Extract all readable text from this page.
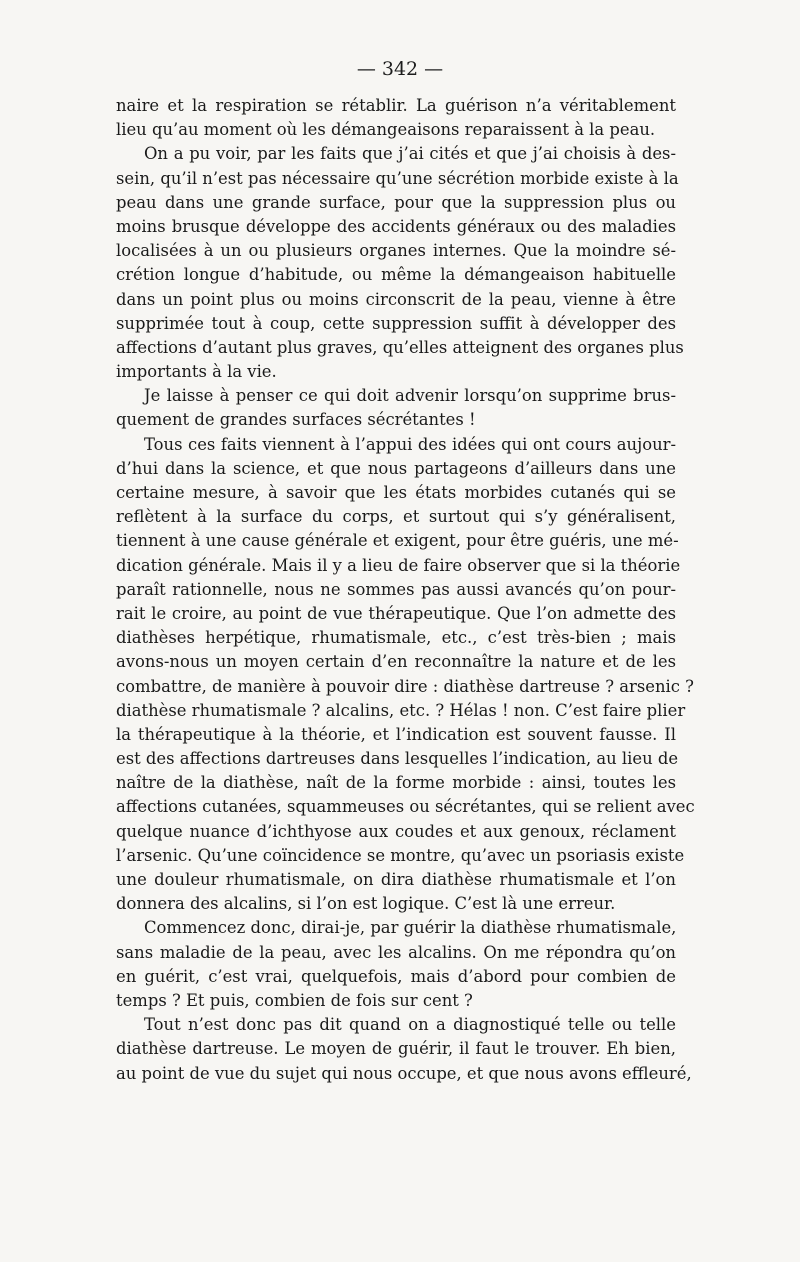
— 342 —
naire et la respiration se rétablir. La guérison n’a véritablement
lieu qu’au moment où les démangeaisons reparaissent à la peau.
On a pu voir, par les faits que j’ai cités et que j’ai choisis à des-
sein, qu’il n’est pas nécessaire qu’une sécrétion morbide existe à la
peau dans une grande surface, pour que la suppression plus ou
moins brusque développe des accidents généraux ou des maladies
localisées à un ou plusieurs organes internes. Que la moindre sé-
crétion longue d’habitude, ou même la démangeaison habituelle
dans un point plus ou moins circonscrit de la peau, vienne à être
supprimée tout à coup, cette suppression suffit à développer des
affections d’autant plus graves, qu’elles atteignent des organes plus
importants à la vie.
Je laisse à penser ce qui doit advenir lorsqu’on supprime brus-
quement de grandes surfaces sécrétantes !
Tous ces faits viennent à l’appui des idées qui ont cours aujour-
d’hui dans la science, et que nous partageons d’ailleurs dans une
certaine mesure, à savoir que les états morbides cutanés qui se
reflètent à la surface du corps, et surtout qui s’y généralisent,
tiennent à une cause générale et exigent, pour être guéris, une mé-
dication générale. Mais il y a lieu de faire observer que si la théorie
paraît rationnelle, nous ne sommes pas aussi avancés qu’on pour-
rait le croire, au point de vue thérapeutique. Que l’on admette des
diathèses herpétique, rhumatismale, etc., c’est très-bien ; mais
avons-nous un moyen certain d’en reconnaître la nature et de les
combattre, de manière à pouvoir dire : diathèse dartreuse ? arsenic ?
diathèse rhumatismale ? alcalins, etc. ? Hélas ! non. C’est faire plier
la thérapeutique à la théorie, et l’indication est souvent fausse. Il
est des affections dartreuses dans lesquelles l’indication, au lieu de
naître de la diathèse, naît de la forme morbide : ainsi, toutes les
affections cutanées, squammeuses ou sécrétantes, qui se relient avec
quelque nuance d’ichthyose aux coudes et aux genoux, réclament
l’arsenic. Qu’une coïncidence se montre, qu’avec un psoriasis existe
une douleur rhumatismale, on dira diathèse rhumatismale et l’on
donnera des alcalins, si l’on est logique. C’est là une erreur.
Commencez donc, dirai-je, par guérir la diathèse rhumatismale,
sans maladie de la peau, avec les alcalins. On me répondra qu’on
en guérit, c’est vrai, quelquefois, mais d’abord pour combien de
temps ? Et puis, combien de fois sur cent ?
Tout n’est donc pas dit quand on a diagnostiqué telle ou telle
diathèse dartreuse. Le moyen de guérir, il faut le trouver. Eh bien,
au point de vue du sujet qui nous occupe, et que nous avons effleuré,
